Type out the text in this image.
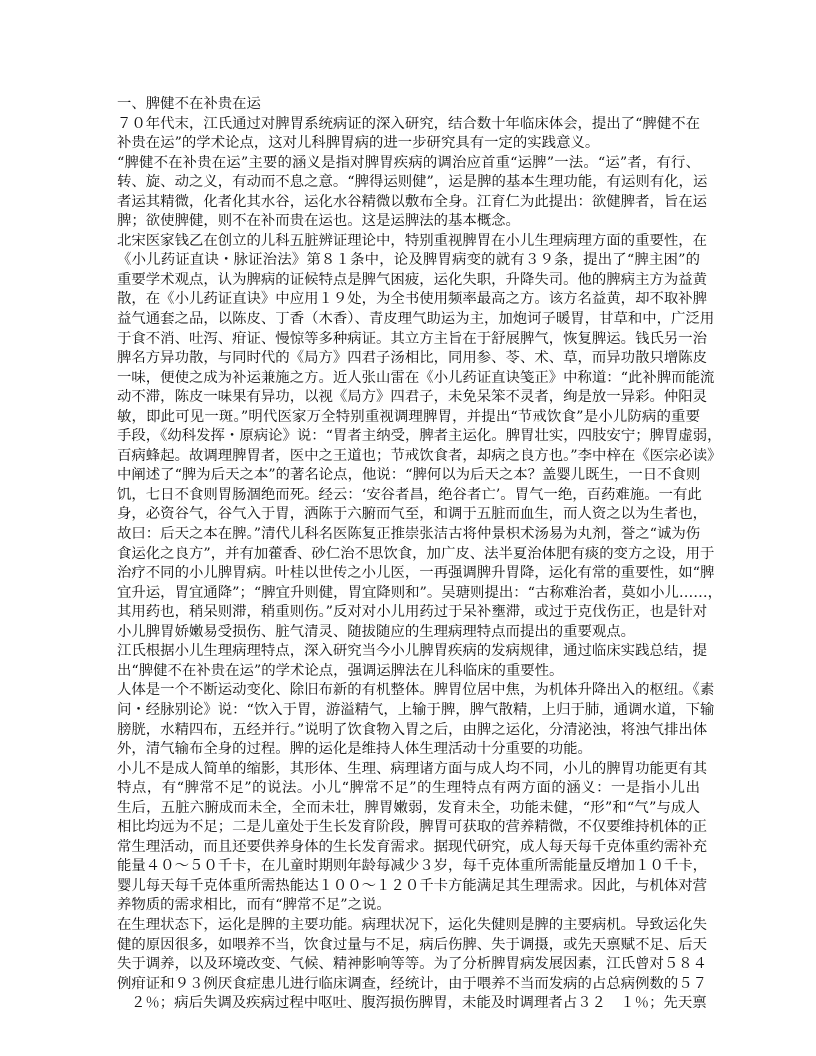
一、脾健不在补贵在运
７０年代末，江氏通过对脾胃系统病证的深入研究，结合数十年临床体会，提出了“脾健不在
补贵在运”的学术论点，这对儿科脾胃病的进一步研究具有一定的实践意义。
“脾健不在补贵在运”主要的涵义是指对脾胃疾病的调治应首重“运脾”一法。“运”者，有行、
转、旋、动之义，有动而不息之意。“脾得运则健”，运是脾的基本生理功能，有运则有化，运
者运其精微，化者化其水谷，运化水谷精微以敷布全身。江育仁为此提出：欲健脾者，旨在运
脾；欲使脾健，则不在补而贵在运也。这是运脾法的基本概念。
北宋医家钱乙在创立的儿科五脏辨证理论中，特别重视脾胃在小儿生理病理方面的重要性，在
《小儿药证直诀・脉证治法》第８１条中，论及脾胃病变的就有３９条，提出了“脾主困”的
重要学术观点，认为脾病的证候特点是脾气困疲，运化失职，升降失司。他的脾病主方为益黄
散，在《小儿药证直诀》中应用１９处，为全书使用频率最高之方。该方名益黄，却不取补脾
益气通套之品，以陈皮、丁香（木香）、青皮理气助运为主，加炮诃子暖胃，甘草和中，广泛用
于食不消、吐泻、疳证、慢惊等多种病证。其立方主旨在于舒展脾气，恢复脾运。钱氏另一治
脾名方异功散，与同时代的《局方》四君子汤相比，同用参、苓、术、草，而异功散只增陈皮
一味，便使之成为补运兼施之方。近人张山雷在《小儿药证直诀笺正》中称道：“此补脾而能流
动不滞，陈皮一味果有异功，以视《局方》四君子，未免呆笨不灵者，绚是放一异彩。仲阳灵
敏，即此可见一斑。”明代医家万全特别重视调理脾胃，并提出“节戒饮食”是小儿防病的重要
手段，《幼科发挥・原病论》说：“胃者主纳受，脾者主运化。脾胃壮实，四肢安宁；脾胃虚弱，
百病蜂起。故调理脾胃者，医中之王道也；节戒饮食者，却病之良方也。”李中梓在《医宗必读》
中阐述了“脾为后天之本”的著名论点，他说：“脾何以为后天之本？盖婴儿既生，一日不食则
饥，七日不食则胃肠涸绝而死。经云：‘安谷者昌，绝谷者亡’。胃气一绝，百药难施。一有此
身，必资谷气，谷气入于胃，洒陈于六腑而气至，和调于五脏而血生，而人资之以为生者也，
故曰：后天之本在脾。”清代儿科名医陈复正推崇张洁古将仲景枳术汤易为丸剂，誉之“诚为伤
食运化之良方”，并有加藿香、砂仁治不思饮食，加广皮、法半夏治体肥有痰的变方之设，用于
治疗不同的小儿脾胃病。叶桂以世传之小儿医，一再强调脾升胃降，运化有常的重要性，如“脾
宜升运，胃宜通降”；“脾宜升则健，胃宜降则和”。吴瑭则提出：“古称难治者，莫如小儿……，
其用药也，稍呆则滞，稍重则伤。”反对对小儿用药过于呆补壅滞，或过于克伐伤正，也是针对
小儿脾胃娇嫩易受损伤、脏气清灵、随拔随应的生理病理特点而提出的重要观点。
江氏根据小儿生理病理特点，深入研究当今小儿脾胃疾病的发病规律，通过临床实践总结，提
出“脾健不在补贵在运”的学术论点，强调运脾法在儿科临床的重要性。
人体是一个不断运动变化、除旧布新的有机整体。脾胃位居中焦，为机体升降出入的枢纽。《素
问・经脉别论》说：“饮入于胃，游溢精气，上输于脾，脾气散精，上归于肺，通调水道，下输
膀胱，水精四布，五经并行。”说明了饮食物入胃之后，由脾之运化，分清泌浊，将浊气排出体
外，清气输布全身的过程。脾的运化是维持人体生理活动十分重要的功能。
小儿不是成人简单的缩影，其形体、生理、病理诸方面与成人均不同，小儿的脾胃功能更有其
特点，有“脾常不足”的说法。小儿“脾常不足”的生理特点有两方面的涵义：一是指小儿出
生后，五脏六腑成而未全，全而未壮，脾胃嫩弱，发育未全，功能未健，“形”和“气”与成人
相比均远为不足；二是儿童处于生长发育阶段，脾胃可获取的营养精微，不仅要维持机体的正
常生理活动，而且还要供养身体的生长发育需求。据现代研究，成人每天每千克体重约需补充
能量４０～５０千卡，在儿童时期则年龄每减少３岁，每千克体重所需能量反增加１０千卡，
婴儿每天每千克体重所需热能达１００～１２０千卡方能满足其生理需求。因此，与机体对营
养物质的需求相比，而有“脾常不足”之说。
在生理状态下，运化是脾的主要功能。病理状况下，运化失健则是脾的主要病机。导致运化失
健的原因很多，如喂养不当，饮食过量与不足，病后伤脾、失于调摄，或先天禀赋不足、后天
失于调养，以及环境改变、气候、精神影响等等。为了分析脾胃病发展因素，江氏曾对５８４
例疳证和９３例厌食症患儿进行临床调查，经统计，由于喂养不当而发病的占总病例数的５７
２％；病后失调及疾病过程中呕吐、腹泻损伤脾胃，未能及时调理者占３２　１％；先天禀
